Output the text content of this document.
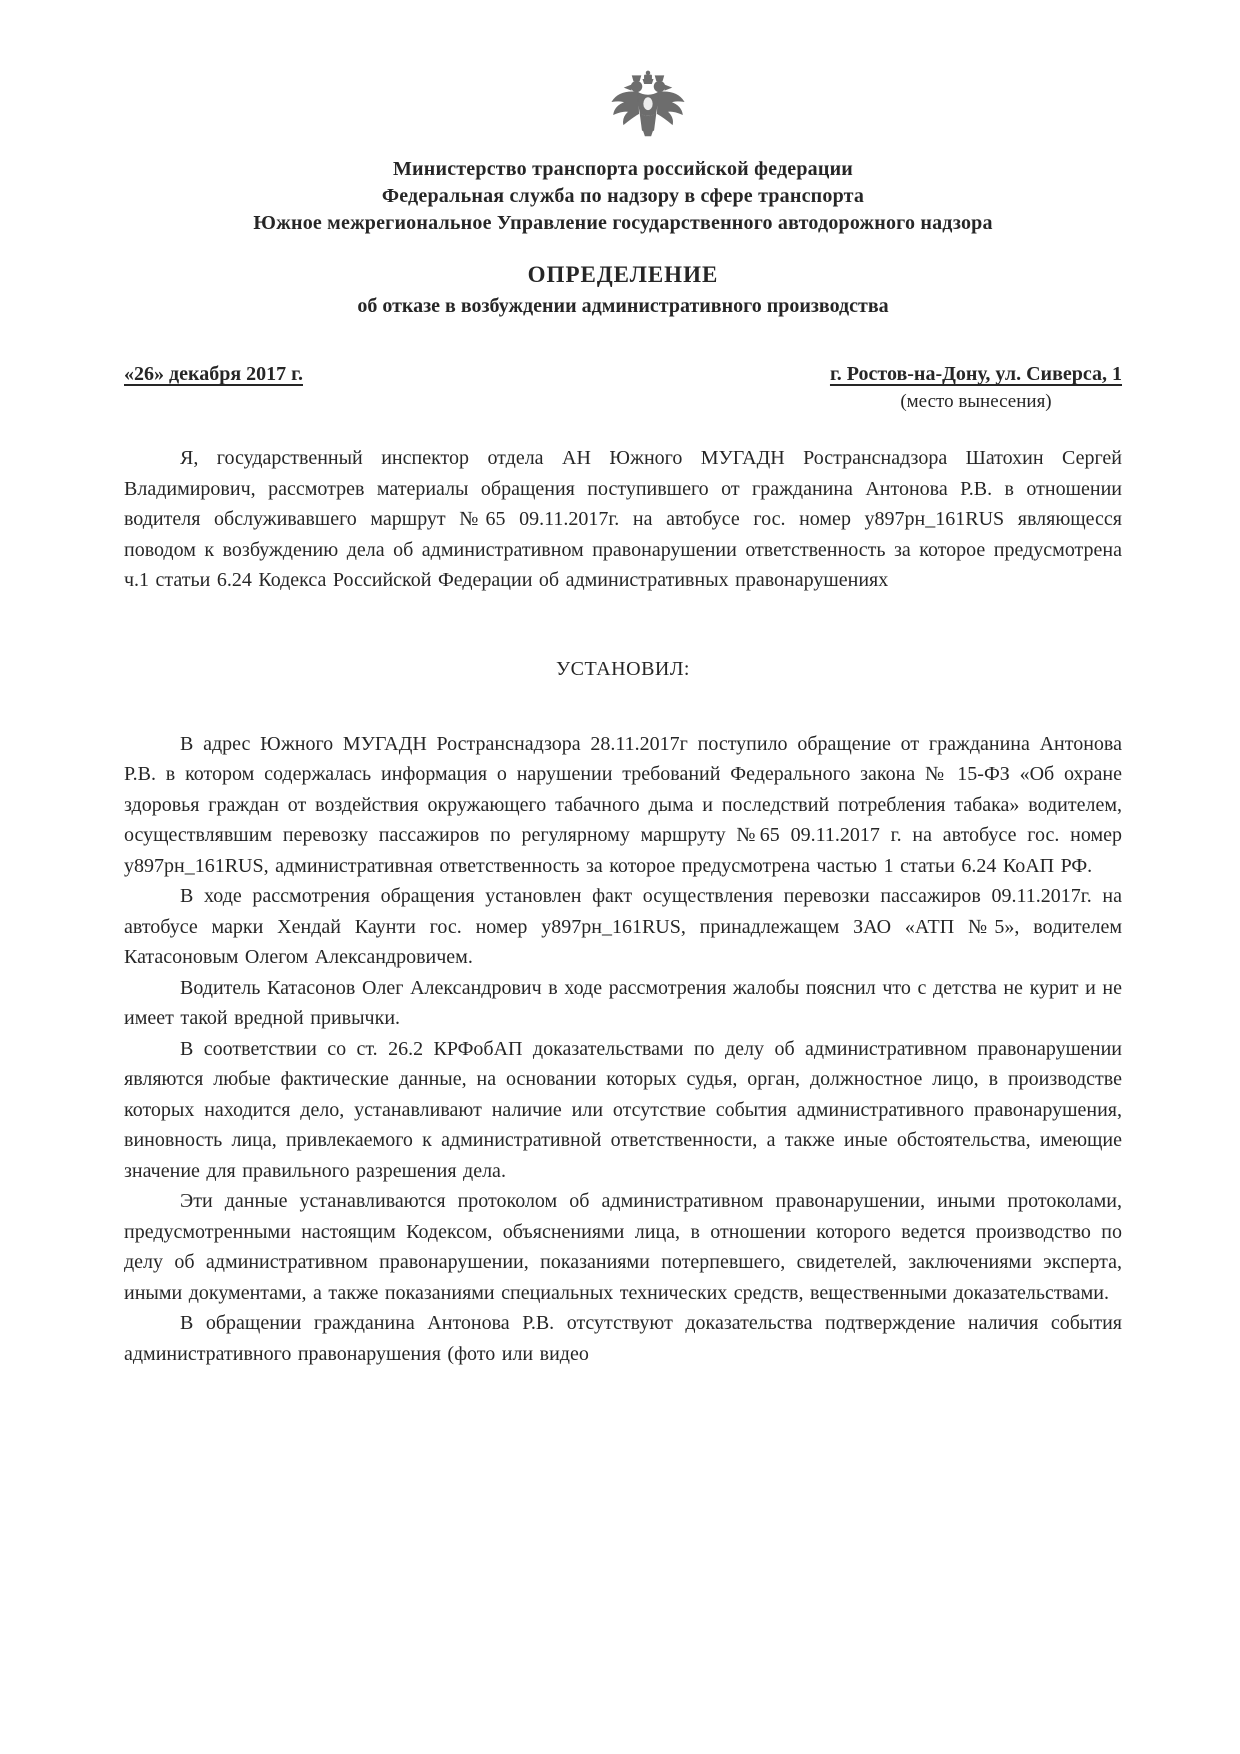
Министерство транспорта российской федерации
Федеральная служба по надзору в сфере транспорта
Южное межрегиональное Управление государственного автодорожного надзора
ОПРЕДЕЛЕНИЕ
об отказе в возбуждении административного производства
«26» декабря 2017 г.	г. Ростов-на-Дону, ул. Сиверса, 1
(место вынесения)

Я, государственный инспектор отдела АН Южного МУГАДН Ространснадзора Шатохин Сергей Владимирович, рассмотрев материалы обращения поступившего от гражданина Антонова Р.В. в отношении водителя обслуживавшего маршрут №65 09.11.2017г. на автобусе гос. номер у897рн_161RUS являющесся поводом к возбуждению дела об административном правонарушении ответственность за которое предусмотрена ч.1 статьи 6.24 Кодекса Российской Федерации об административных правонарушениях

УСТАНОВИЛ:

В адрес Южного МУГАДН Ространснадзора 28.11.2017г поступило обращение от гражданина Антонова Р.В. в котором содержалась информация о нарушении требований Федерального закона № 15-ФЗ «Об охране здоровья граждан от воздействия окружающего табачного дыма и последствий потребления табака» водителем, осуществлявшим перевозку пассажиров по регулярному маршруту №65 09.11.2017 г. на автобусе гос. номер у897рн_161RUS, административная ответственность за которое предусмотрена частью 1 статьи 6.24 КоАП РФ.

В ходе рассмотрения обращения установлен факт осуществления перевозки пассажиров 09.11.2017г. на автобусе марки Хендай Каунти гос. номер у897рн_161RUS, принадлежащем ЗАО «АТП №5», водителем Катасоновым Олегом Александровичем.

Водитель Катасонов Олег Александрович в ходе рассмотрения жалобы пояснил что с детства не курит и не имеет такой вредной привычки.

В соответствии со ст. 26.2 КРФобАП доказательствами по делу об административном правонарушении являются любые фактические данные, на основании которых судья, орган, должностное лицо, в производстве которых находится дело, устанавливают наличие или отсутствие события административного правонарушения, виновность лица, привлекаемого к административной ответственности, а также иные обстоятельства, имеющие значение для правильного разрешения дела.

Эти данные устанавливаются протоколом об административном правонарушении, иными протоколами, предусмотренными настоящим Кодексом, объяснениями лица, в отношении которого ведется производство по делу об административном правонарушении, показаниями потерпевшего, свидетелей, заключениями эксперта, иными документами, а также показаниями специальных технических средств, вещественными доказательствами.

В обращении гражданина Антонова Р.В. отсутствуют доказательства подтверждение наличия события административного правонарушения (фото или видео
